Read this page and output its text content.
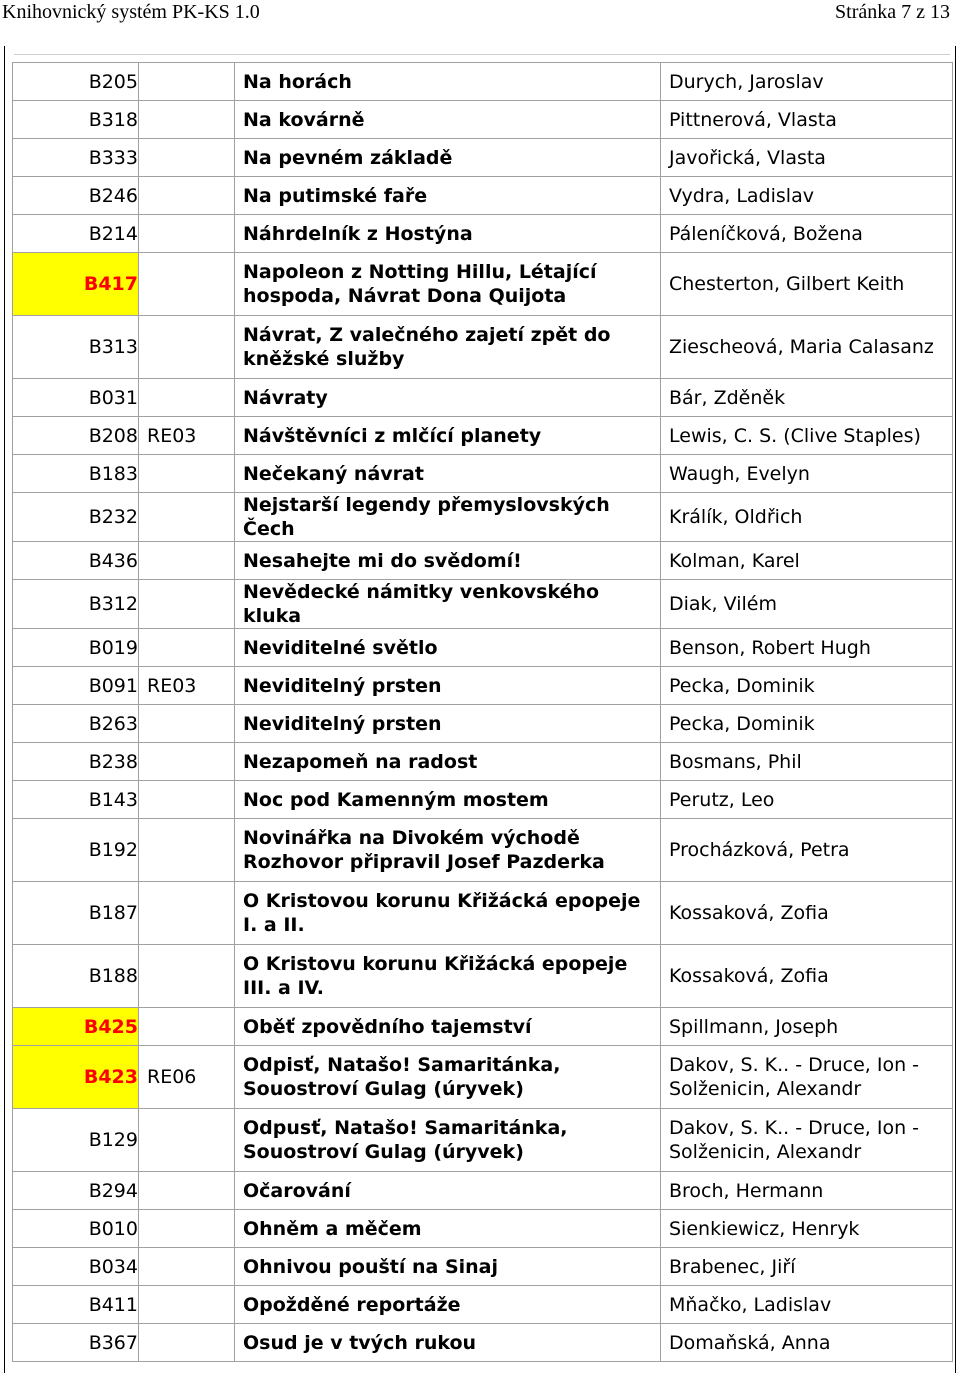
Knihovnický systém PK-KS 1.0	Stránka 7 z 13
B205		Na horách	Durych, Jaroslav
B318		Na kovárně	Pittnerová, Vlasta
B333		Na pevném základě	Javořická, Vlasta
B246		Na putimské faře	Vydra, Ladislav
B214		Náhrdelník z Hostýna	Páleníčková, Božena
B417		Napoleon z Notting Hillu, Létající hospoda, Návrat Dona Quijota	Chesterton, Gilbert Keith
B313		Návrat, Z valečného zajetí zpět do kněžské služby	Ziescheová, Maria Calasanz
B031		Návraty	Bár, Zděněk
B208	RE03	Návštěvníci z mlčící planety	Lewis, C. S. (Clive Staples)
B183		Nečekaný návrat	Waugh, Evelyn
B232		Nejstarší legendy přemyslovských Čech	Králík, Oldřich
B436		Nesahejte mi do svědomí!	Kolman, Karel
B312		Nevědecké námitky venkovského kluka	Diak, Vilém
B019		Neviditelné světlo	Benson, Robert Hugh
B091	RE03	Neviditelný prsten	Pecka, Dominik
B263		Neviditelný prsten	Pecka, Dominik
B238		Nezapomeň na radost	Bosmans, Phil
B143		Noc pod Kamenným mostem	Perutz, Leo
B192		Novinářka na Divokém východě Rozhovor připravil Josef Pazderka	Procházková, Petra
B187		O Kristovou korunu Křižácká epopeje I. a II.	Kossaková, Zofia
B188		O Kristovu korunu Křižácká epopeje III. a IV.	Kossaková, Zofia
B425		Oběť zpovědního tajemství	Spillmann, Joseph
B423	RE06	Odpisť, Natašo! Samaritánka, Souostroví Gulag (úryvek)	Dakov, S. K.. - Druce, Ion - Solženicin, Alexandr
B129		Odpusť, Natašo! Samaritánka, Souostroví Gulag (úryvek)	Dakov, S. K.. - Druce, Ion - Solženicin, Alexandr
B294		Očarování	Broch, Hermann
B010		Ohněm a měčem	Sienkiewicz, Henryk
B034		Ohnivou pouští na Sinaj	Brabenec, Jiří
B411		Opožděné reportáže	Mňačko, Ladislav
B367		Osud je v tvých rukou	Domaňská, Anna
